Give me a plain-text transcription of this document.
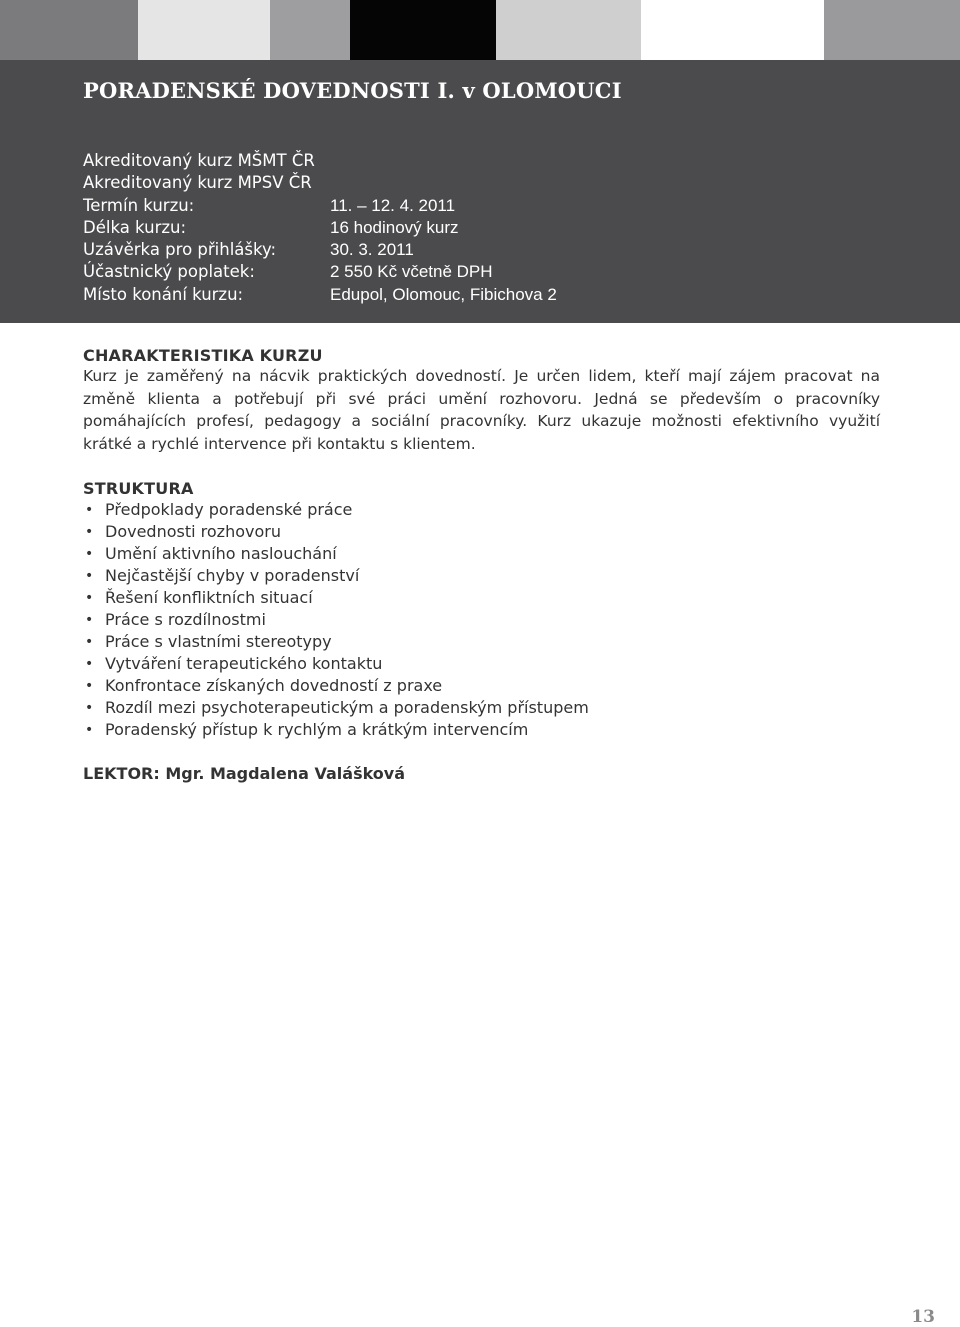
PORADENSKÉ DOVEDNOSTI I. v OLOMOUCI
Akreditovaný kurz MŠMT ČR
Akreditovaný kurz MPSV ČR
Termín kurzu:	11. – 12. 4. 2011
Délka kurzu:	16 hodinový kurz
Uzávěrka pro přihlášky:	30. 3. 2011
Účastnický poplatek:	2 550 Kč včetně DPH
Místo konání kurzu:	Edupol, Olomouc, Fibichova 2
CHARAKTERISTIKA KURZU
Kurz je zaměřený na nácvik praktických dovedností. Je určen lidem, kteří mají zájem pracovat na změně klienta a potřebují při své práci umění rozhovoru. Jedná se především o pracovníky pomáhajících profesí, pedagogy a sociální pracovníky. Kurz ukazuje možnosti efektivního využití krátké a rychlé intervence při kontaktu s klientem.
STRUKTURA
• Předpoklady poradenské práce
• Dovednosti rozhovoru
• Umění aktivního naslouchání
• Nejčastější chyby v poradenství
• Řešení konfliktních situací
• Práce s rozdílnostmi
• Práce s vlastními stereotypy
• Vytváření terapeutického kontaktu
• Konfrontace získaných dovedností z praxe
• Rozdíl mezi psychoterapeutickým a poradenským přístupem
• Poradenský přístup k rychlým a krátkým intervencím
LEKTOR: Mgr. Magdalena Valášková
13
